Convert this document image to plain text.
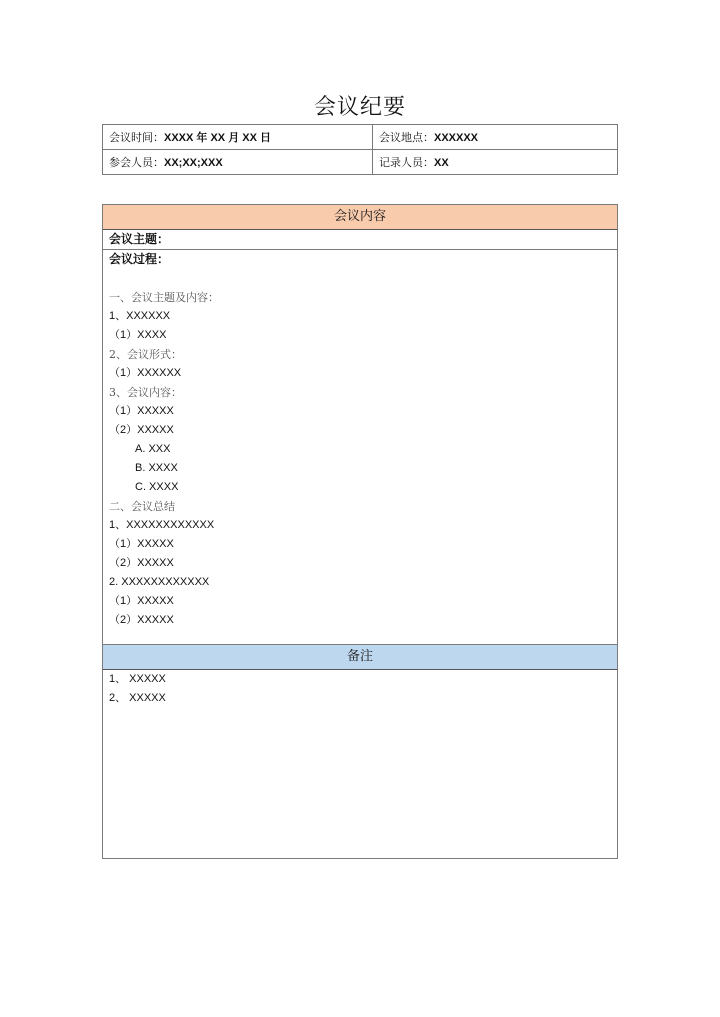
会议纪要
会议时间：XXXX 年 XX 月 XX 日	会议地点：XXXXXX
参会人员：XX;XX;XXX	记录人员：XX
会议内容
会议主题：
会议过程：
一、会议主题及内容：
1、XXXXXX
（1）XXXX
2、会议形式：
（1）XXXXXX
3、会议内容：
（1）XXXXX
（2）XXXXX
A. XXX
B. XXXX
C. XXXX
二、会议总结
1、XXXXXXXXXXXX
（1）XXXXX
（2）XXXXX
2. XXXXXXXXXXXX
（1）XXXXX
（2）XXXXX
备注
1、 XXXXX
2、 XXXXX
